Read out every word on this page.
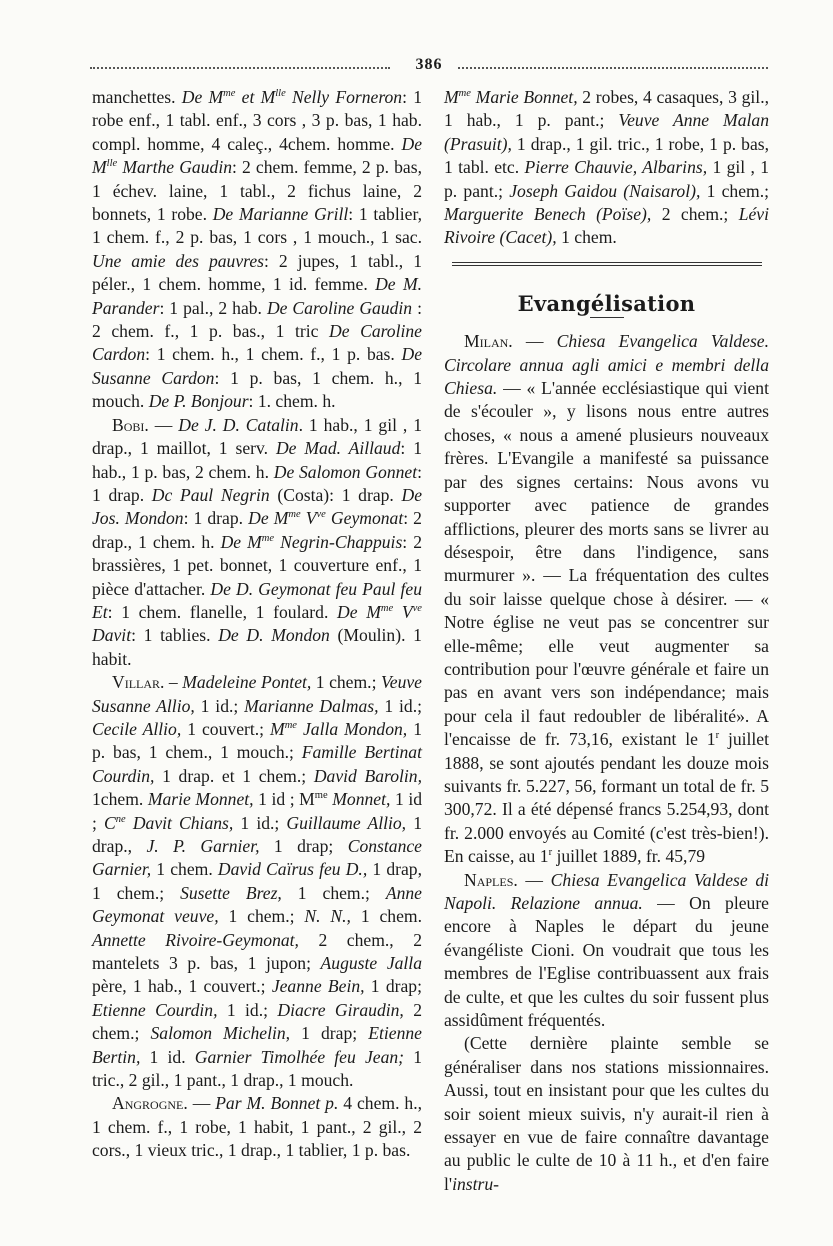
386

manchettes. De $M^{me}$ et $M^{lle}$ Nelly Forneron: 1 robe enf., 1 tabl. enf., 3 cors , 3 p. bas, 1 hab. compl. homme, 4 caleç., 4chem. homme. De $M^{lle}$ Marthe Gaudin: 2 chem. femme, 2 p. bas, 1 échev. laine, 1 tabl., 2 fichus laine, 2 bonnets, 1 robe. De Marianne Grill: 1 tablier, 1 chem. f., 2 p. bas, 1 cors , 1 mouch., 1 sac. Une amie des pauvres: 2 jupes, 1 tabl., 1 péler., 1 chem. homme, 1 id. femme. De M. Parander: 1 pal., 2 hab. De Caroline Gaudin : 2 chem. f., 1 p. bas., 1 tric De Caroline Cardon: 1 chem. h., 1 chem. f., 1 p. bas. De Susanne Cardon: 1 p. bas, 1 chem. h., 1 mouch. De P. Bonjour: 1. chem. h.

Bobi. — De J. D. Catalin. 1 hab., 1 gil , 1 drap., 1 maillot, 1 serv. De Mad. Aillaud: 1 hab., 1 p. bas, 2 chem. h. De Salomon Gonnet: 1 drap. Dc Paul Negrin (Costa): 1 drap. De Jos. Mondon: 1 drap. De $M^{me}$ $V^{ve}$ Geymonat: 2 drap., 1 chem. h. De $M^{me}$ Negrin-Chappuis: 2 brassières, 1 pet. bonnet, 1 couverture enf., 1 pièce d'attacher. De D. Geymonat feu Paul feu Et: 1 chem. flanelle, 1 foulard. De $M^{me}$ $V^{ve}$ Davit: 1 tablies. De D. Mondon (Moulin). 1 habit.

Villar. – Madeleine Pontet, 1 chem.; Veuve Susanne Allio, 1 id.; Marianne Dalmas, 1 id.; Cecile Allio, 1 couvert.; $M^{me}$ Jalla Mondon, 1 p. bas, 1 chem., 1 mouch.; Famille Bertinat Courdin, 1 drap. et 1 chem.; David Barolin, 1chem. Marie Monnet, 1 id ; $M^{me}$ Monnet, 1 id ; $C^{ne}$ Davit Chians, 1 id.; Guillaume Allio, 1 drap., J. P. Garnier, 1 drap; Constance Garnier, 1 chem. David Caïrus feu D., 1 drap, 1 chem.; Susette Brez, 1 chem.; Anne Geymonat veuve, 1 chem.; N. N., 1 chem. Annette Rivoire-Geymonat, 2 chem., 2 mantelets 3 p. bas, 1 jupon; Auguste Jalla père, 1 hab., 1 couvert.; Jeanne Bein, 1 drap; Etienne Courdin, 1 id.; Diacre Giraudin, 2 chem.; Salomon Michelin, 1 drap; Etienne Bertin, 1 id. Garnier Timolhée feu Jean; 1 tric., 2 gil., 1 pant., 1 drap., 1 mouch.

Angrogne. — Par M. Bonnet p. 4 chem. h., 1 chem. f., 1 robe, 1 habit, 1 pant., 2 gil., 2 cors., 1 vieux tric., 1 drap., 1 tablier, 1 p. bas.

$M^{me}$ Marie Bonnet, 2 robes, 4 casaques, 3 gil., 1 hab., 1 p. pant.; Veuve Anne Malan (Prasuit), 1 drap., 1 gil. tric., 1 robe, 1 p. bas, 1 tabl. etc. Pierre Chauvie, Albarins, 1 gil , 1 p. pant.; Joseph Gaidou (Naisarol), 1 chem.; Marguerite Benech (Poïse), 2 chem.; Lévi Rivoire (Cacet), 1 chem.

Evangélisation

Milan. — Chiesa Evangelica Valdese. Circolare annua agli amici e membri della Chiesa. — « L'année ecclésiastique qui vient de s'écouler », y lisons nous entre autres choses, « nous a amené plusieurs nouveaux frères. L'Evangile a manifesté sa puissance par des signes certains: Nous avons vu supporter avec patience de grandes afflictions, pleurer des morts sans se livrer au désespoir, être dans l'indigence, sans murmurer ». — La fréquentation des cultes du soir laisse quelque chose à désirer. — « Notre église ne veut pas se concentrer sur elle-même; elle veut augmenter sa contribution pour l'œuvre générale et faire un pas en avant vers son indépendance; mais pour cela il faut redoubler de libéralité». A l'encaisse de fr. 73,16, existant le 1$^r$ juillet 1888, se sont ajoutés pendant les douze mois suivants fr. 5.227, 56, formant un total de fr. 5 300,72. Il a été dépensé francs 5.254,93, dont fr. 2.000 envoyés au Comité (c'est très-bien!). En caisse, au 1$^r$ juillet 1889, fr. 45,79

Naples. — Chiesa Evangelica Valdese di Napoli. Relazione annua. — On pleure encore à Naples le départ du jeune évangéliste Cioni. On voudrait que tous les membres de l'Eglise contribuassent aux frais de culte, et que les cultes du soir fussent plus assidûment fréquentés.

(Cette dernière plainte semble se généraliser dans nos stations missionnaires. Aussi, tout en insistant pour que les cultes du soir soient mieux suivis, n'y aurait-il rien à essayer en vue de faire connaître davantage au public le culte de 10 à 11 h., et d'en faire l'instru-
